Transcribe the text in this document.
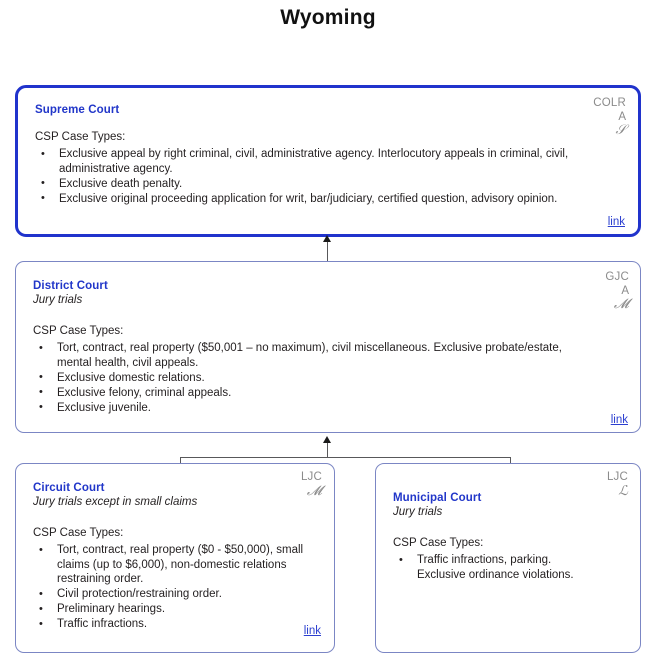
Wyoming
Supreme Court
COLR
A
𝒮
CSP Case Types:
• Exclusive appeal by right criminal, civil, administrative agency. Interlocutory appeals in criminal, civil, administrative agency.
• Exclusive death penalty.
• Exclusive original proceeding application for writ, bar/judiciary, certified question, advisory opinion.
link
District Court
Jury trials
GJC
A
𝓜
CSP Case Types:
• Tort, contract, real property ($50,001 – no maximum), civil miscellaneous. Exclusive probate/estate, mental health, civil appeals.
• Exclusive domestic relations.
• Exclusive felony, criminal appeals.
• Exclusive juvenile.
link
Circuit Court
Jury trials except in small claims
LJC
𝓜
CSP Case Types:
• Tort, contract, real property ($0 - $50,000), small claims (up to $6,000), non-domestic relations restraining order.
• Civil protection/restraining order.
• Preliminary hearings.
• Traffic infractions.
link
Municipal Court
Jury trials
LJC
ℒ
CSP Case Types:
• Traffic infractions, parking.
Exclusive ordinance violations.
